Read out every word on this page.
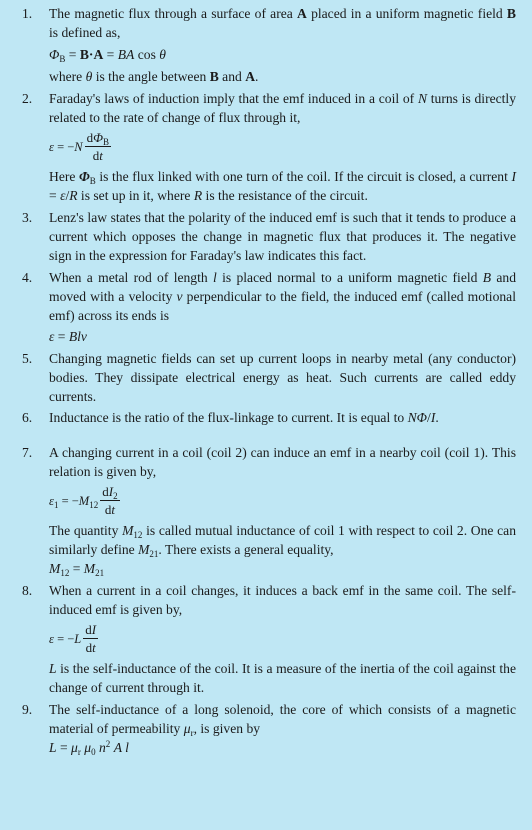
1. The magnetic flux through a surface of area A placed in a uniform magnetic field B is defined as,

$\Phi_B = B\cdot A$ = BA cos θ

where θ is the angle between B and A.

2. Faraday's laws of induction imply that the emf induced in a coil of N turns is directly related to the rate of change of flux through it,

$\varepsilon = -N \frac{d\Phi_B}{dt}$

Here $\Phi_B$ is the flux linked with one turn of the coil. If the circuit is closed, a current I = ε/R is set up in it, where R is the resistance of the circuit.

3. Lenz's law states that the polarity of the induced emf is such that it tends to produce a current which opposes the change in magnetic flux that produces it. The negative sign in the expression for Faraday's law indicates this fact.

4. When a metal rod of length l is placed normal to a uniform magnetic field B and moved with a velocity v perpendicular to the field, the induced emf (called motional emf) across its ends is

ε = Blv

5. Changing magnetic fields can set up current loops in nearby metal (any conductor) bodies. They dissipate electrical energy as heat. Such currents are called eddy currents.

6. Inductance is the ratio of the flux-linkage to current. It is equal to NΦ/I.

7. A changing current in a coil (coil 2) can induce an emf in a nearby coil (coil 1). This relation is given by,

$\varepsilon_1 = -M_{12} \frac{dI_2}{dt}$

The quantity $M_{12}$ is called mutual inductance of coil 1 with respect to coil 2. One can similarly define $M_{21}$. There exists a general equality,

$M_{12} = M_{21}$

8. When a current in a coil changes, it induces a back emf in the same coil. The self-induced emf is given by,

$\varepsilon = -L \frac{dI}{dt}$

L is the self-inductance of the coil. It is a measure of the inertia of the coil against the change of current through it.

9. The self-inductance of a long solenoid, the core of which consists of a magnetic material of permeability $\mu_r$, is given by

$L = \mu_r$ $\mu_0$ $n^2$ A l
